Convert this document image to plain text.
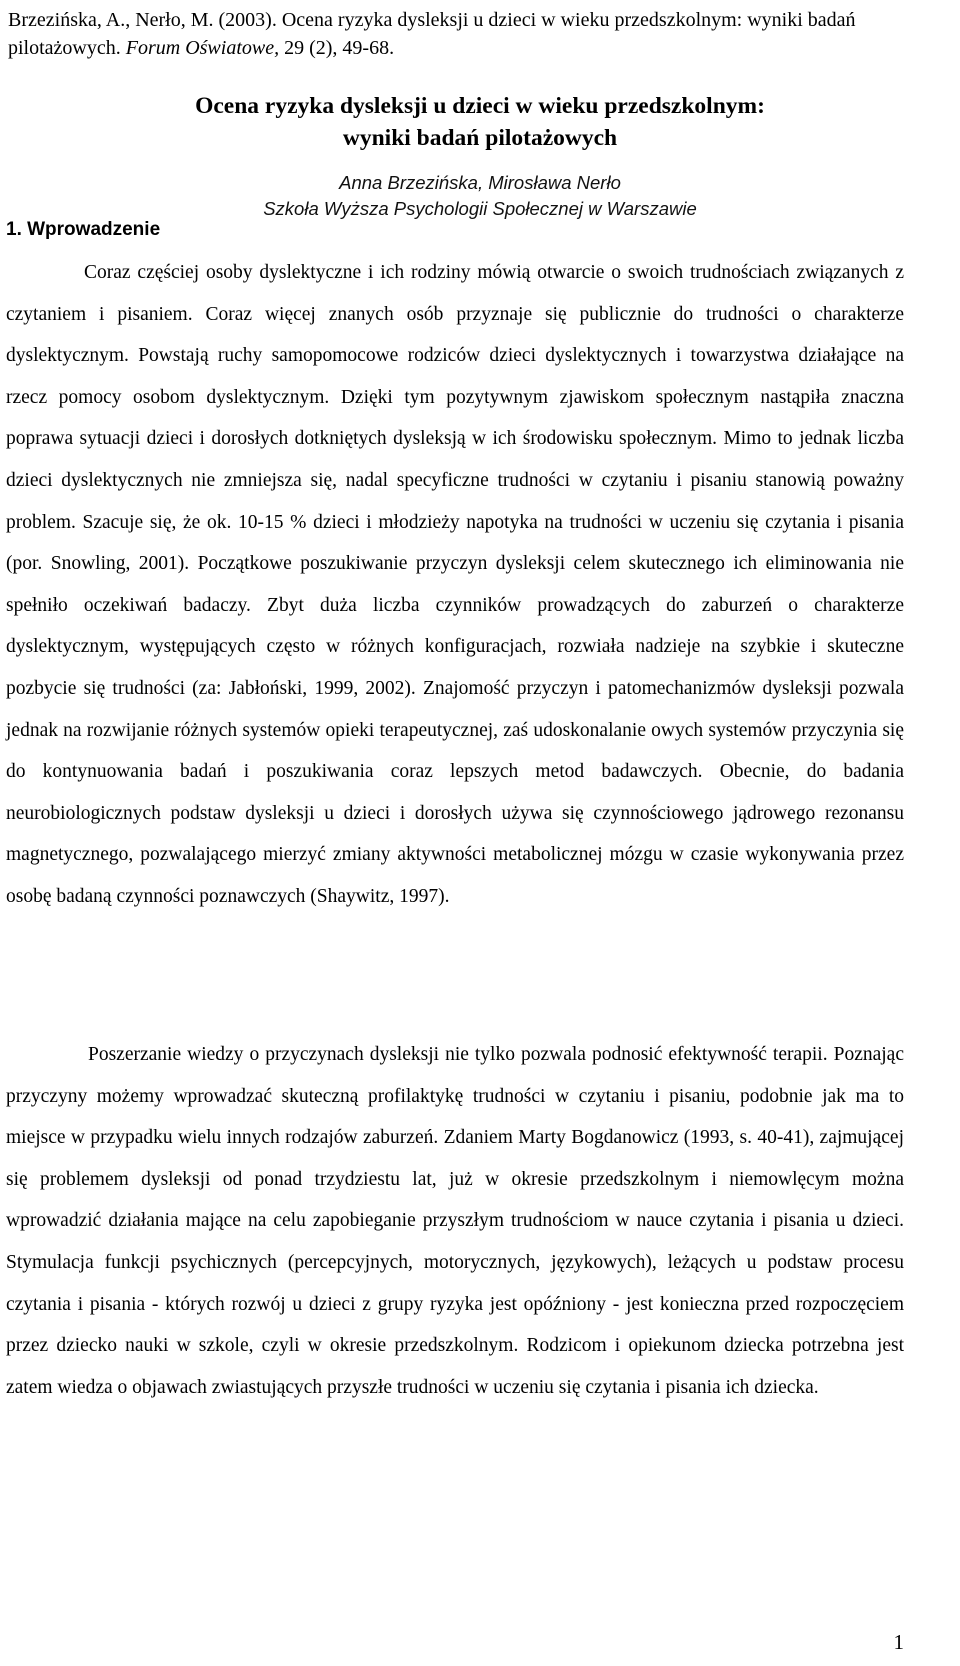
Brzezińska, A., Nerło, M. (2003). Ocena ryzyka dysleksji u dzieci w wieku przedszkolnym: wyniki badań pilotażowych. Forum Oświatowe, 29 (2), 49-68.

Ocena ryzyka dysleksji u dzieci w wieku przedszkolnym:
wyniki badań pilotażowych
Anna Brzezińska, Mirosława Nerło
Szkoła Wyższa Psychologii Społecznej w Warszawie
1. Wprowadzenie

Coraz częściej osoby dyslektyczne i ich rodziny mówią otwarcie o swoich trudnościach związanych z czytaniem i pisaniem. Coraz więcej znanych osób przyznaje się publicznie do trudności o charakterze dyslektycznym. Powstają ruchy samopomocowe rodziców dzieci dyslektycznych i towarzystwa działające na rzecz pomocy osobom dyslektycznym. Dzięki tym pozytywnym zjawiskom społecznym nastąpiła znaczna poprawa sytuacji dzieci i dorosłych dotkniętych dysleksją w ich środowisku społecznym. Mimo to jednak liczba dzieci dyslektycznych nie zmniejsza się, nadal specyficzne trudności w czytaniu i pisaniu stanowią poważny problem. Szacuje się, że ok. 10-15 % dzieci i młodzieży napotyka na trudności w uczeniu się czytania i pisania (por. Snowling, 2001). Początkowe poszukiwanie przyczyn dysleksji celem skutecznego ich eliminowania nie spełniło oczekiwań badaczy. Zbyt duża liczba czynników prowadzących do zaburzeń o charakterze dyslektycznym, występujących często w różnych konfiguracjach, rozwiała nadzieje na szybkie i skuteczne pozbycie się trudności (za: Jabłoński, 1999, 2002). Znajomość przyczyn i patomechanizmów dysleksji pozwala jednak na rozwijanie różnych systemów opieki terapeutycznej, zaś udoskonalanie owych systemów przyczynia się do kontynuowania badań i poszukiwania coraz lepszych metod badawczych. Obecnie, do badania neurobiologicznych podstaw dysleksji u dzieci i dorosłych używa się czynnościowego jądrowego rezonansu magnetycznego, pozwalającego mierzyć zmiany aktywności metabolicznej mózgu w czasie wykonywania przez osobę badaną czynności poznawczych (Shaywitz, 1997).

Poszerzanie wiedzy o przyczynach dysleksji nie tylko pozwala podnosić efektywność terapii. Poznając przyczyny możemy wprowadzać skuteczną profilaktykę trudności w czytaniu i pisaniu, podobnie jak ma to miejsce w przypadku wielu innych rodzajów zaburzeń. Zdaniem Marty Bogdanowicz (1993, s. 40-41), zajmującej się problemem dysleksji od ponad trzydziestu lat, już w okresie przedszkolnym i niemowlęcym można wprowadzić działania mające na celu zapobieganie przyszłym trudnościom w nauce czytania i pisania u dzieci. Stymulacja funkcji psychicznych (percepcyjnych, motorycznych, językowych), leżących u podstaw procesu czytania i pisania - których rozwój u dzieci z grupy ryzyka jest opóźniony - jest konieczna przed rozpoczęciem przez dziecko nauki w szkole, czyli w okresie przedszkolnym. Rodzicom i opiekunom dziecka potrzebna jest zatem wiedza o objawach zwiastujących przyszłe trudności w uczeniu się czytania i pisania ich dziecka.

1
